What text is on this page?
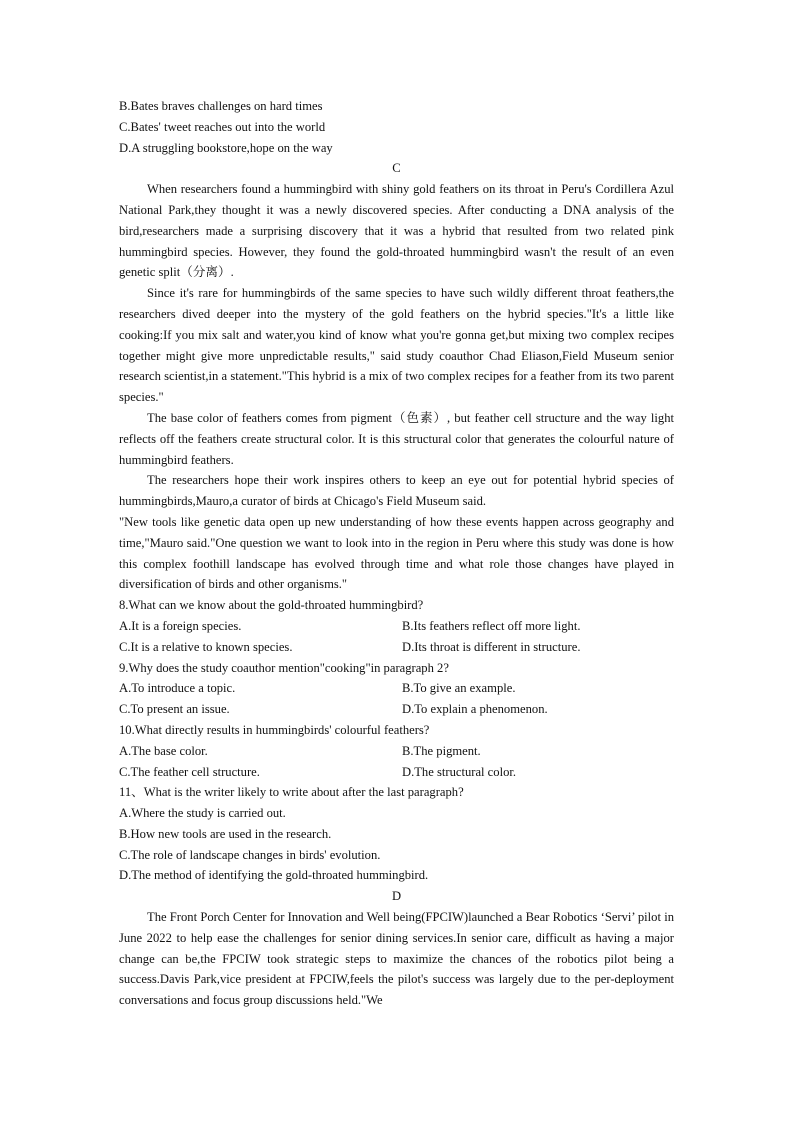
B.Bates braves challenges on hard times

C.Bates' tweet reaches out into the world

D.A struggling bookstore,hope on the way

C

When researchers found a hummingbird with shiny gold feathers on its throat in Peru's Cordillera Azul National Park,they thought it was a newly discovered species. After conducting a DNA analysis of the bird,researchers made a surprising discovery that it was a hybrid that resulted from two related pink hummingbird species. However, they found the gold-throated hummingbird wasn't the result of an even genetic split（分离）.

Since it's rare for hummingbirds of the same species to have such wildly different throat feathers,the researchers dived deeper into the mystery of the gold feathers on the hybrid species."It's a little like cooking:If you mix salt and water,you kind of know what you're gonna get,but mixing two complex recipes together might give more unpredictable results," said study coauthor Chad Eliason,Field Museum senior research scientist,in a statement."This hybrid is a mix of two complex recipes for a feather from its two parent species."

The base color of feathers comes from pigment（色素）, but feather cell structure and the way light reflects off the feathers create structural color. It is this structural color that generates the colourful nature of hummingbird feathers.

The researchers hope their work inspires others to keep an eye out for potential hybrid species of hummingbirds,Mauro,a curator of birds at Chicago's Field Museum said.

"New tools like genetic data open up new understanding of how these events happen across geography and time,"Mauro said."One question we want to look into in the region in Peru where this study was done is how this complex foothill landscape has evolved through time and what role those changes have played in diversification of birds and other organisms."

8.What can we know about the gold-throated hummingbird?

A.It is a foreign species.	B.Its feathers reflect off more light.
C.It is a relative to known species.	D.Its throat is different in structure.

9.Why does the study coauthor mention"cooking"in paragraph 2?

A.To introduce a topic.	B.To give an example.
C.To present an issue.	D.To explain a phenomenon.

10.What directly results in hummingbirds' colourful feathers?

A.The base color.	B.The pigment.
C.The feather cell structure.	D.The structural color.

11、What is the writer likely to write about after the last paragraph?

A.Where the study is carried out.

B.How new tools are used in the research.

C.The role of landscape changes in birds' evolution.

D.The method of identifying the gold-throated hummingbird.

D

The Front Porch Center for Innovation and Well being(FPCIW)launched a Bear Robotics ‘Servi’ pilot in June 2022 to help ease the challenges for senior dining services.In senior care, difficult as having a major change can be,the FPCIW took strategic steps to maximize the chances of the robotics pilot being a success.Davis Park,vice president at FPCIW,feels the pilot's success was largely due to the per-deployment conversations and focus group discussions held."We
